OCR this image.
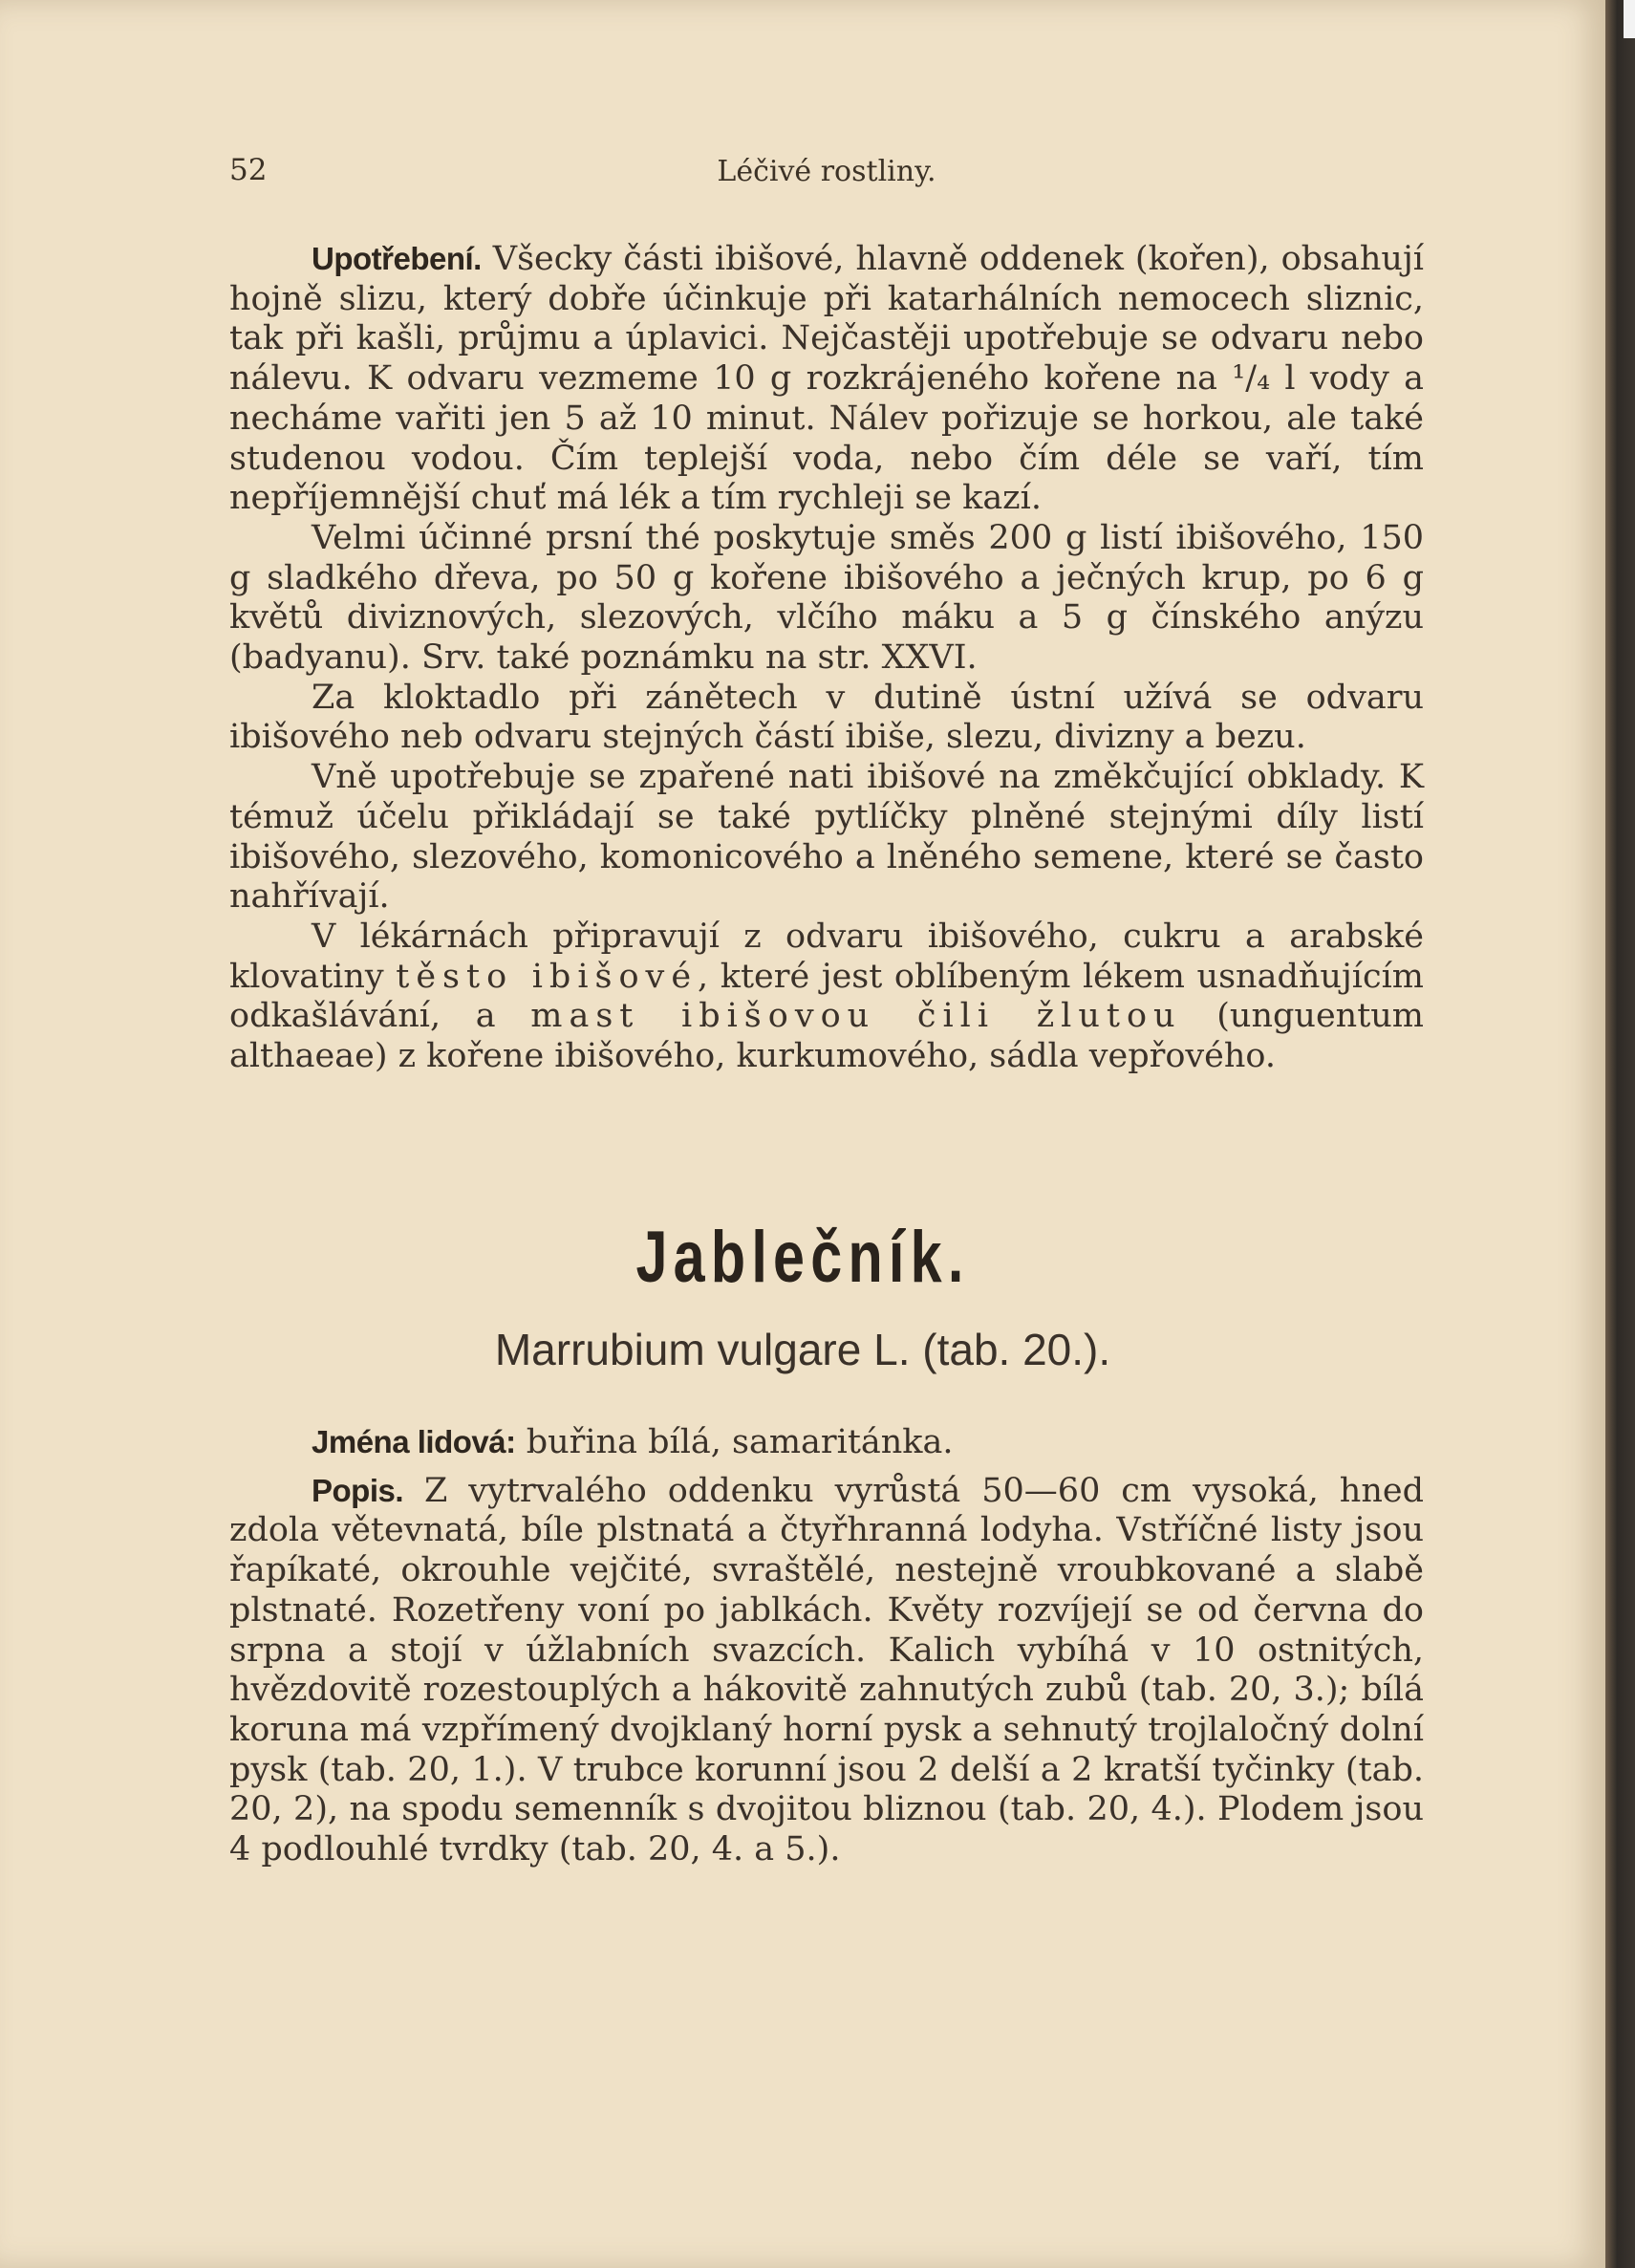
52	Léčivé rostliny.

Upotřebení. Všecky části ibišové, hlavně oddenek (kořen), obsahují hojně slizu, který dobře účinkuje při katarhálních nemocech sliznic, tak při kašli, průjmu a úplavici. Nejčastěji upotřebuje se odvaru nebo nálevu. K odvaru vezmeme 10 g rozkrájeného kořene na ¹/₄ l vody a necháme vařiti jen 5 až 10 minut. Nálev pořizuje se horkou, ale také studenou vodou. Čím teplejší voda, nebo čím déle se vaří, tím nepříjemnější chuť má lék a tím rychleji se kazí.

Velmi účinné prsní thé poskytuje směs 200 g listí ibišového, 150 g sladkého dřeva, po 50 g kořene ibišového a ječných krup, po 6 g květů diviznových, slezových, vlčího máku a 5 g čínského anýzu (badyanu). Srv. také poznámku na str. XXVI.

Za kloktadlo při zánětech v dutině ústní užívá se odvaru ibišového neb odvaru stejných částí ibiše, slezu, divizny a bezu.

Vně upotřebuje se zpařené nati ibišové na změkčující obklady. K témuž účelu přikládají se také pytlíčky plněné stejnými díly listí ibišového, slezového, komonicového a lněného semene, které se často nahřívají.

V lékárnách připravují z odvaru ibišového, cukru a arabské klovatiny těsto ibišové, které jest oblíbeným lékem usnadňujícím odkašlávání, a mast ibišovou čili žlutou (unguentum althaeae) z kořene ibišového, kurkumového, sádla vepřového.

Jablečník.
Marrubium vulgare L. (tab. 20.).

Jména lidová: buřina bílá, samaritánka.

Popis. Z vytrvalého oddenku vyrůstá 50—60 cm vysoká, hned zdola větevnatá, bíle plstnatá a čtyřhranná lodyha. Vstříčné listy jsou řapíkaté, okrouhle vejčité, svraštělé, nestejně vroubkované a slabě plstnaté. Rozetřeny voní po jablkách. Květy rozvíjejí se od června do srpna a stojí v úžlabních svazcích. Kalich vybíhá v 10 ostnitých, hvězdovitě rozestouplých a hákovitě zahnutých zubů (tab. 20, 3.); bílá koruna má vzpřímený dvojklaný horní pysk a sehnutý trojlaločný dolní pysk (tab. 20, 1.). V trubce korunní jsou 2 delší a 2 kratší tyčinky (tab. 20, 2), na spodu semenník s dvojitou bliznou (tab. 20, 4.). Plodem jsou 4 podlouhlé tvrdky (tab. 20, 4. a 5.).
